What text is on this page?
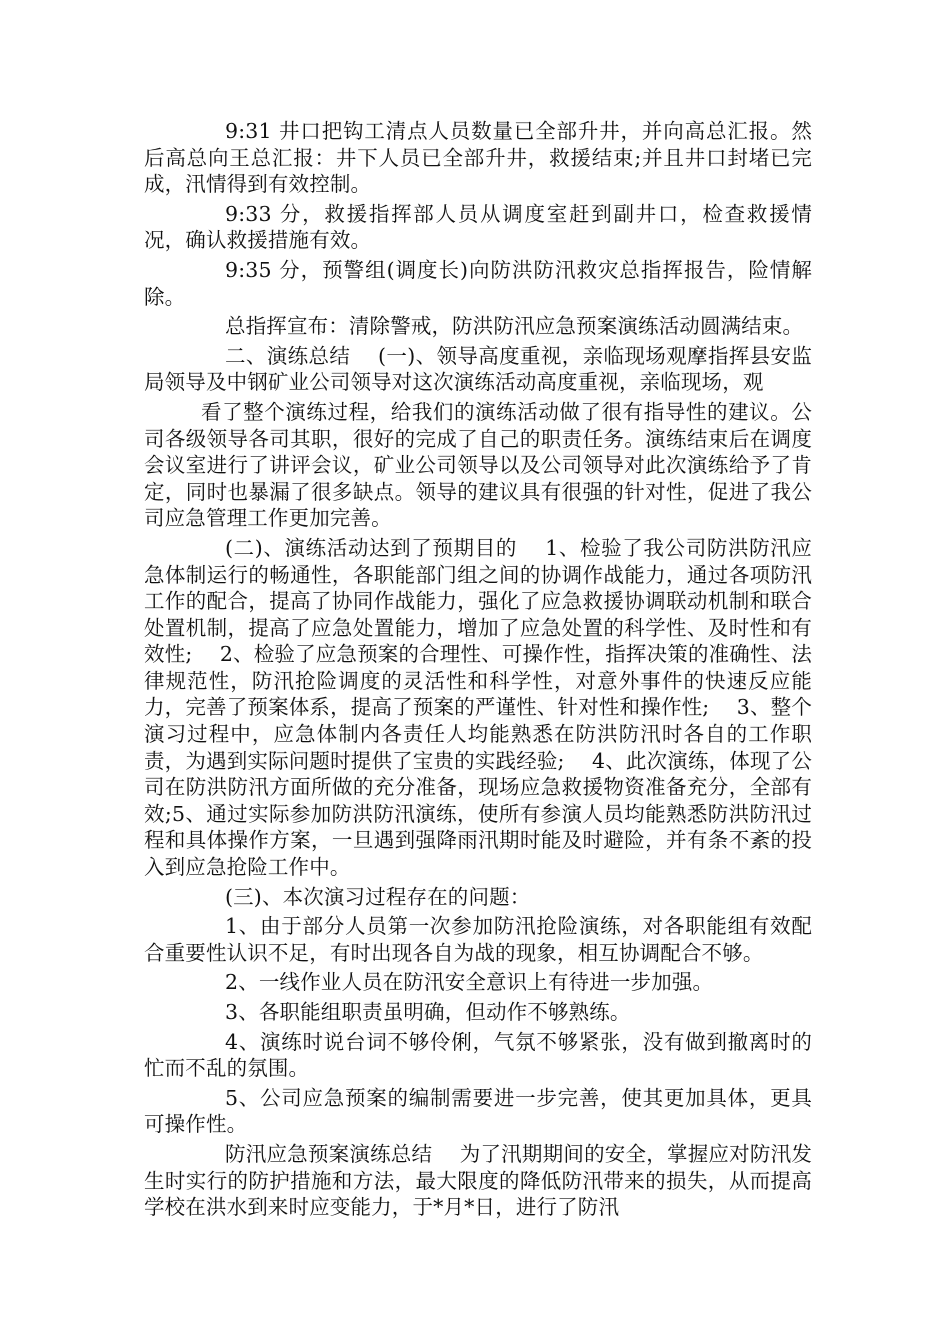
9:31 井口把钩工清点人员数量已全部升井，并向高总汇报。然后高总向王总汇报：井下人员已全部升井，救援结束;并且井口封堵已完成，汛情得到有效控制。

9:33 分，救援指挥部人员从调度室赶到副井口，检查救援情况，确认救援措施有效。

9:35 分，预警组(调度长)向防洪防汛救灾总指挥报告，险情解除。

总指挥宣布：清除警戒，防洪防汛应急预案演练活动圆满结束。

二、演练总结　 (一)、领导高度重视，亲临现场观摩指挥县安监局领导及中钢矿业公司领导对这次演练活动高度重视，亲临现场，观

看了整个演练过程，给我们的演练活动做了很有指导性的建议。公司各级领导各司其职，很好的完成了自己的职责任务。演练结束后在调度会议室进行了讲评会议，矿业公司领导以及公司领导对此次演练给予了肯定，同时也暴漏了很多缺点。领导的建议具有很强的针对性，促进了我公司应急管理工作更加完善。

(二)、演练活动达到了预期目的　 1、检验了我公司防洪防汛应急体制运行的畅通性，各职能部门组之间的协调作战能力，通过各项防汛工作的配合，提高了协同作战能力，强化了应急救援协调联动机制和联合处置机制，提高了应急处置能力，增加了应急处置的科学性、及时性和有效性;　 2、检验了应急预案的合理性、可操作性，指挥决策的准确性、法律规范性，防汛抢险调度的灵活性和科学性，对意外事件的快速反应能力，完善了预案体系，提高了预案的严谨性、针对性和操作性;　 3、整个演习过程中，应急体制内各责任人均能熟悉在防洪防汛时各自的工作职责，为遇到实际问题时提供了宝贵的实践经验;　 4、此次演练，体现了公司在防洪防汛方面所做的充分准备，现场应急救援物资准备充分，全部有效;5、通过实际参加防洪防汛演练，使所有参演人员均能熟悉防洪防汛过程和具体操作方案，一旦遇到强降雨汛期时能及时避险，并有条不紊的投入到应急抢险工作中。

(三)、本次演习过程存在的问题：

1、由于部分人员第一次参加防汛抢险演练，对各职能组有效配合重要性认识不足，有时出现各自为战的现象，相互协调配合不够。

2、一线作业人员在防汛安全意识上有待进一步加强。

3、各职能组职责虽明确，但动作不够熟练。

4、演练时说台词不够伶俐，气氛不够紧张，没有做到撤离时的忙而不乱的氛围。

5、公司应急预案的编制需要进一步完善，使其更加具体，更具可操作性。

防汛应急预案演练总结　 为了汛期期间的安全，掌握应对防汛发生时实行的防护措施和方法，最大限度的降低防汛带来的损失，从而提高学校在洪水到来时应变能力，于*月*日，进行了防汛
